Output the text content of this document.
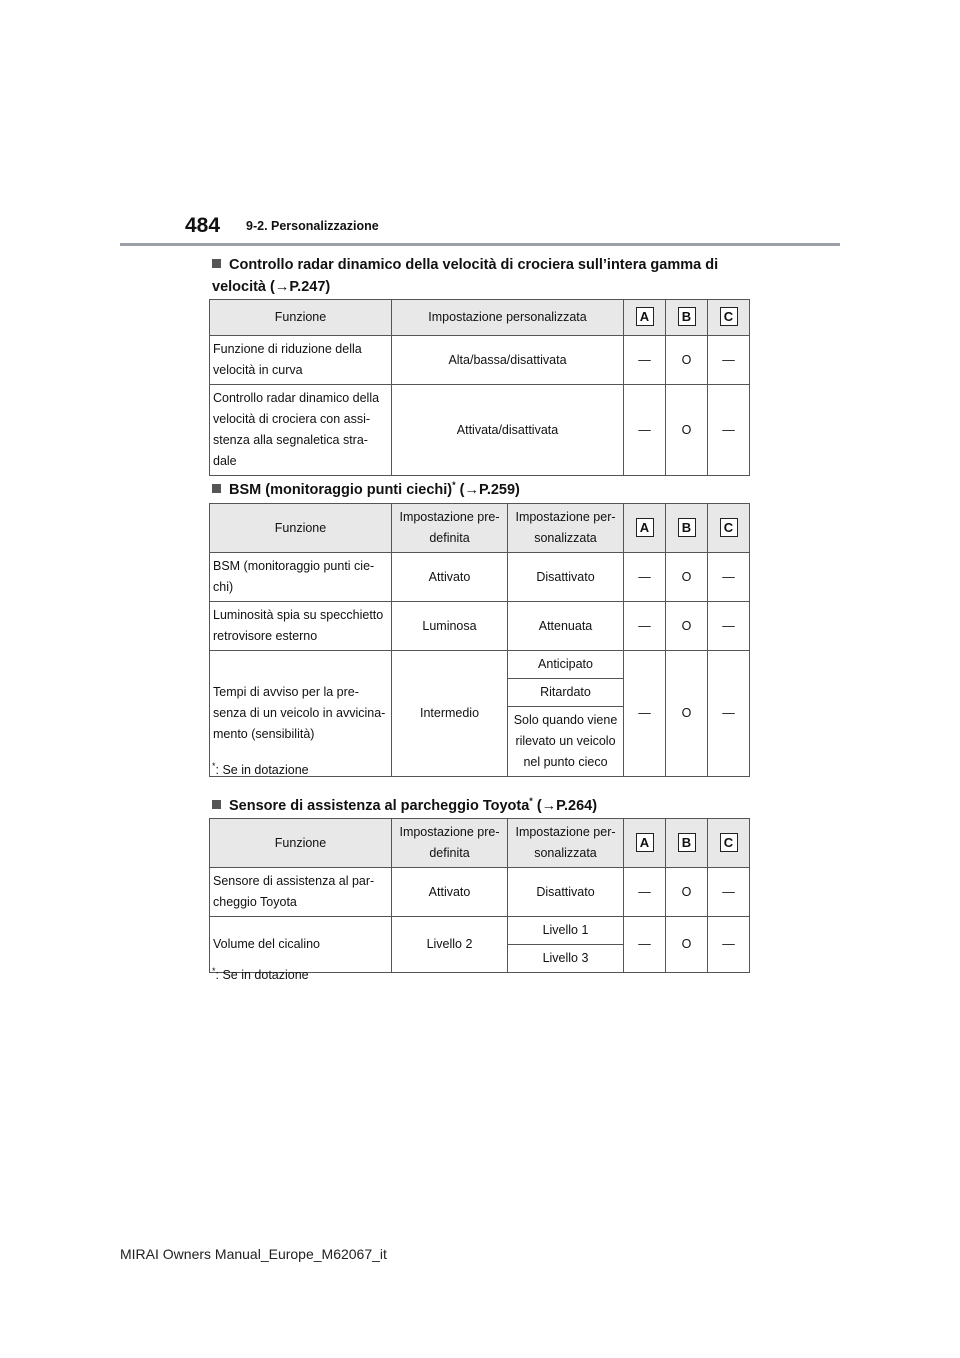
484 9-2. Personalizzazione
Controllo radar dinamico della velocità di crociera sull’intera gamma di velocità (→P.247)
Funzione	Impostazione personalizzata	A	B	C
Funzione di riduzione della velocità in curva	Alta/bassa/disattivata	—	O	—
Controllo radar dinamico della velocità di crociera con assi-stenza alla segnaletica stra-dale	Attivata/disattivata	—	O	—
BSM (monitoraggio punti ciechi)* (→P.259)
Funzione	Impostazione pre-definita	Impostazione per-sonalizzata	A	B	C
BSM (monitoraggio punti cie-chi)	Attivato	Disattivato	—	O	—
Luminosità spia su specchietto retrovisore esterno	Luminosa	Attenuata	—	O	—
Tempi di avviso per la pre-senza di un veicolo in avvicina-mento (sensibilità)	Intermedio	Anticipato	—	O	—
		Ritardato			
		Solo quando viene rilevato un veicolo nel punto cieco			
*: Se in dotazione
Sensore di assistenza al parcheggio Toyota* (→P.264)
Funzione	Impostazione pre-definita	Impostazione per-sonalizzata	A	B	C
Sensore di assistenza al par-cheggio Toyota	Attivato	Disattivato	—	O	—
Volume del cicalino	Livello 2	Livello 1	—	O	—
		Livello 3			
*: Se in dotazione
MIRAI Owners Manual_Europe_M62067_it
